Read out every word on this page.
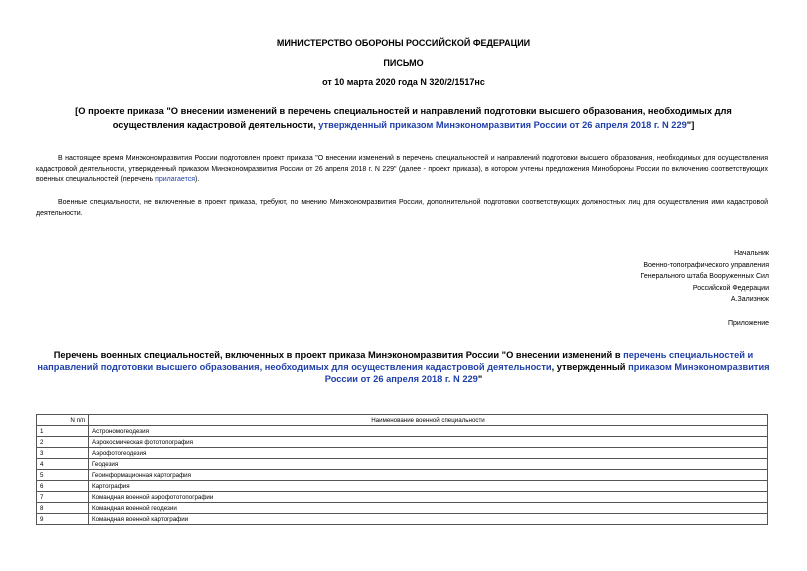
МИНИСТЕРСТВО ОБОРОНЫ РОССИЙСКОЙ ФЕДЕРАЦИИ
ПИСЬМО
от 10 марта 2020 года N 320/2/1517нс
[О проекте приказа "О внесении изменений в перечень специальностей и направлений подготовки высшего образования, необходимых для осуществления кадастровой деятельности, утвержденный приказом Минэкономразвития России от 26 апреля 2018 г. N 229"]
В настоящее время Минэкономразвития России подготовлен проект приказа "О внесении изменений в перечень специальностей и направлений подготовки высшего образования, необходимых для осуществления кадастровой деятельности, утвержденный приказом Минэкономразвития России от 26 апреля 2018 г. N 229" (далее - проект приказа), в котором учтены предложения Минобороны России по включению соответствующих военных специальностей (перечень прилагается).
Военные специальности, не включенные в проект приказа, требуют, по мнению Минэкономразвития России, дополнительной подготовки соответствующих должностных лиц для осуществления ими кадастровой деятельности.
Начальник
Военно-топографического управления
Генерального штаба Вооруженных Сил
Российской Федерации
А.Зализнюк
Приложение
Перечень военных специальностей, включенных в проект приказа Минэкономразвития России "О внесении изменений в перечень специальностей и направлений подготовки высшего образования, необходимых для осуществления кадастровой деятельности, утвержденный приказом Минэкономразвития России от 26 апреля 2018 г. N 229"
N п/п	Наименование военной специальности
1	Астрономогеодезия
2	Аэрокосмическая фототопография
3	Аэрофотогеодезия
4	Геодезия
5	Геоинформационная картография
6	Картография
7	Командная военной аэрофототопографии
8	Командная военной геодезии
9	Командная военной картографии
